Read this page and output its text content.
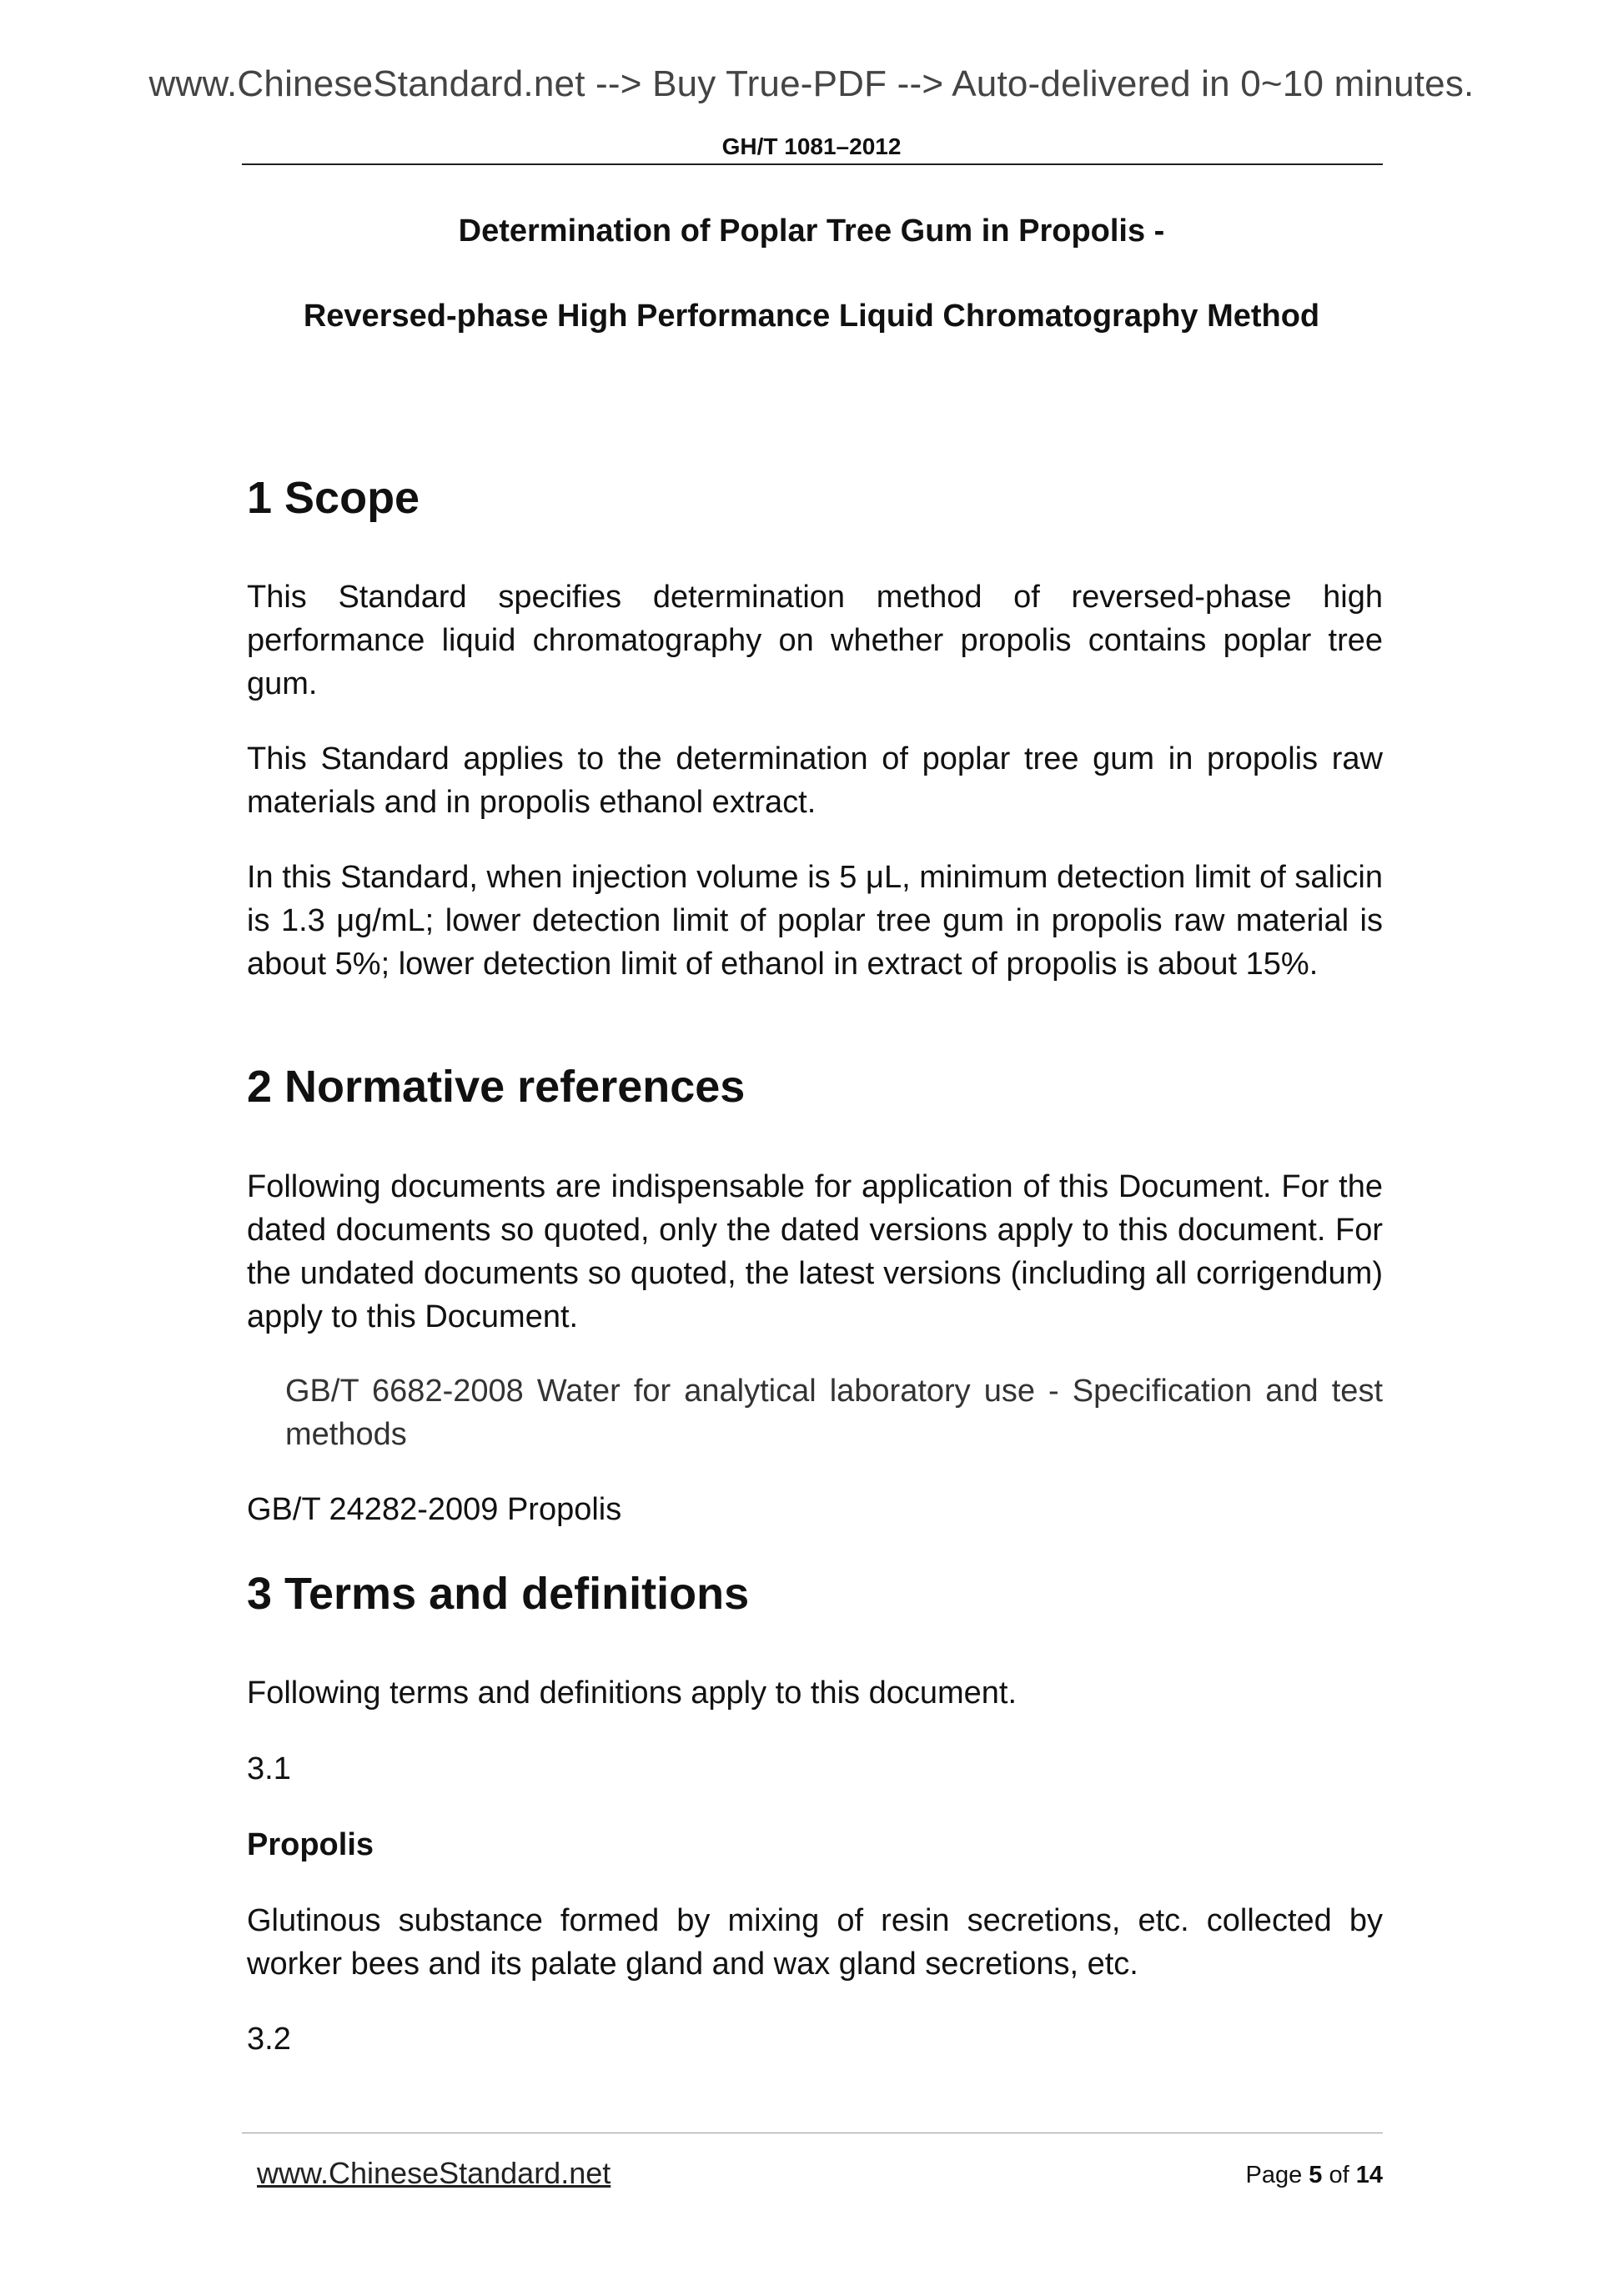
www.ChineseStandard.net --> Buy True-PDF --> Auto-delivered in 0~10 minutes.
GH/T 1081–2012
Determination of Poplar Tree Gum in Propolis -
Reversed-phase High Performance Liquid Chromatography Method
1 Scope
This Standard specifies determination method of reversed-phase high performance liquid chromatography on whether propolis contains poplar tree gum.
This Standard applies to the determination of poplar tree gum in propolis raw materials and in propolis ethanol extract.
In this Standard, when injection volume is 5 μL, minimum detection limit of salicin is 1.3 μg/mL; lower detection limit of poplar tree gum in propolis raw material is about 5%; lower detection limit of ethanol in extract of propolis is about 15%.
2 Normative references
Following documents are indispensable for application of this Document. For the dated documents so quoted, only the dated versions apply to this document. For the undated documents so quoted, the latest versions (including all corrigendum) apply to this Document.
GB/T 6682-2008 Water for analytical laboratory use - Specification and test methods
GB/T 24282-2009 Propolis
3 Terms and definitions
Following terms and definitions apply to this document.
3.1
Propolis
Glutinous substance formed by mixing of resin secretions, etc. collected by worker bees and its palate gland and wax gland secretions, etc.
3.2
www.ChineseStandard.net	Page 5 of 14
